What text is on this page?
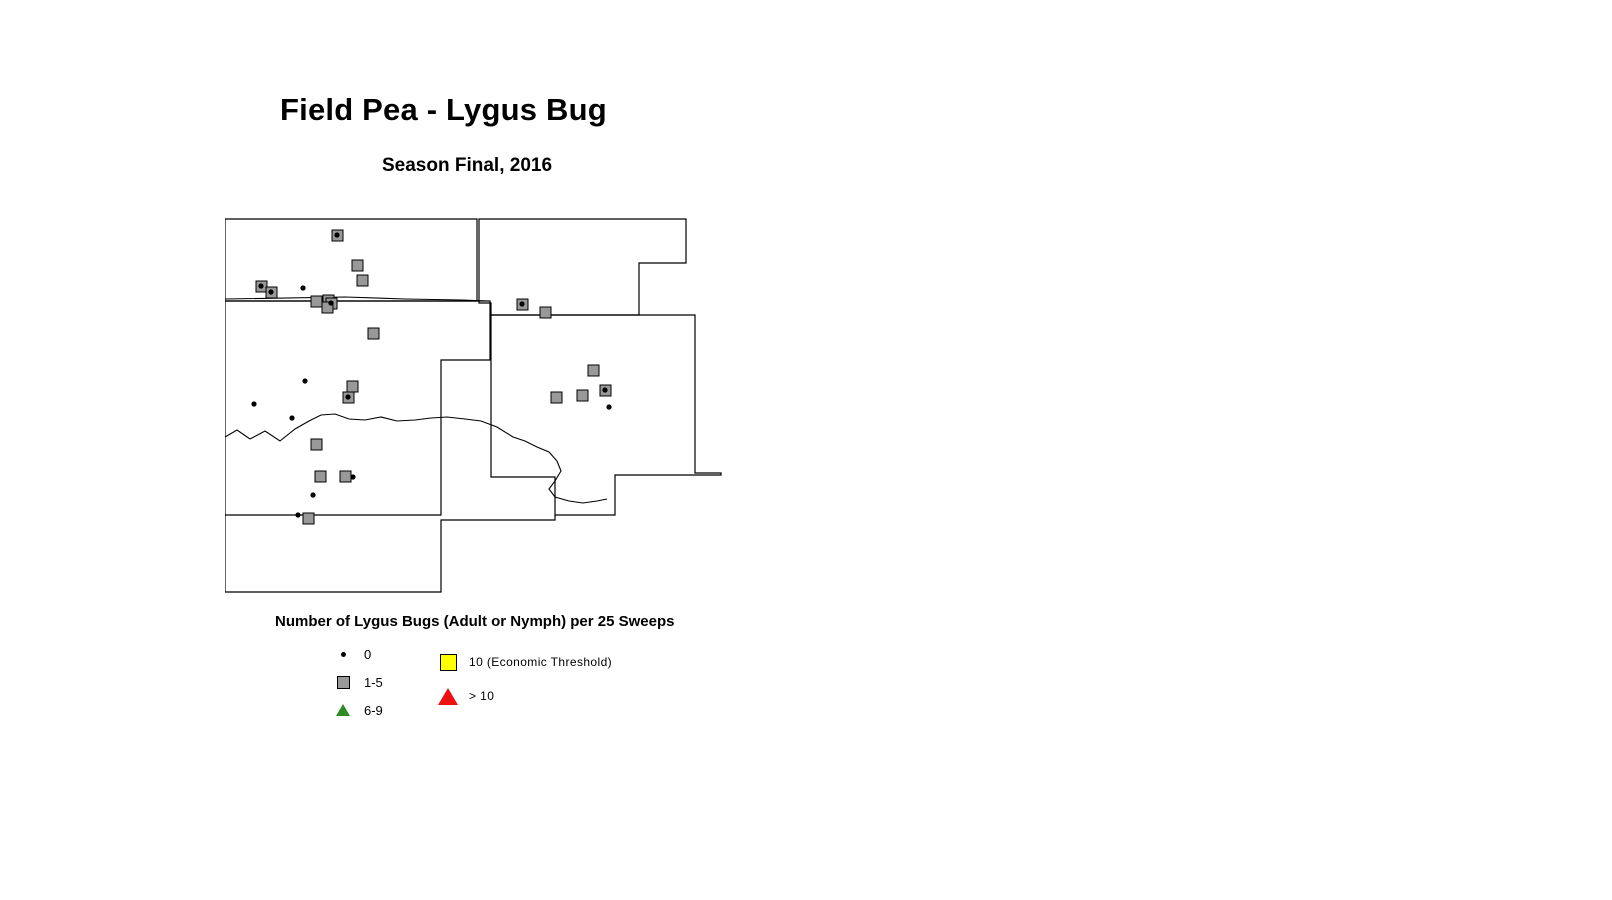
Field Pea - Lygus Bug
Season Final, 2016
Number of Lygus Bugs (Adult or Nymph) per 25 Sweeps
0
1-5
6-9
10 (Economic Threshold)
> 10
